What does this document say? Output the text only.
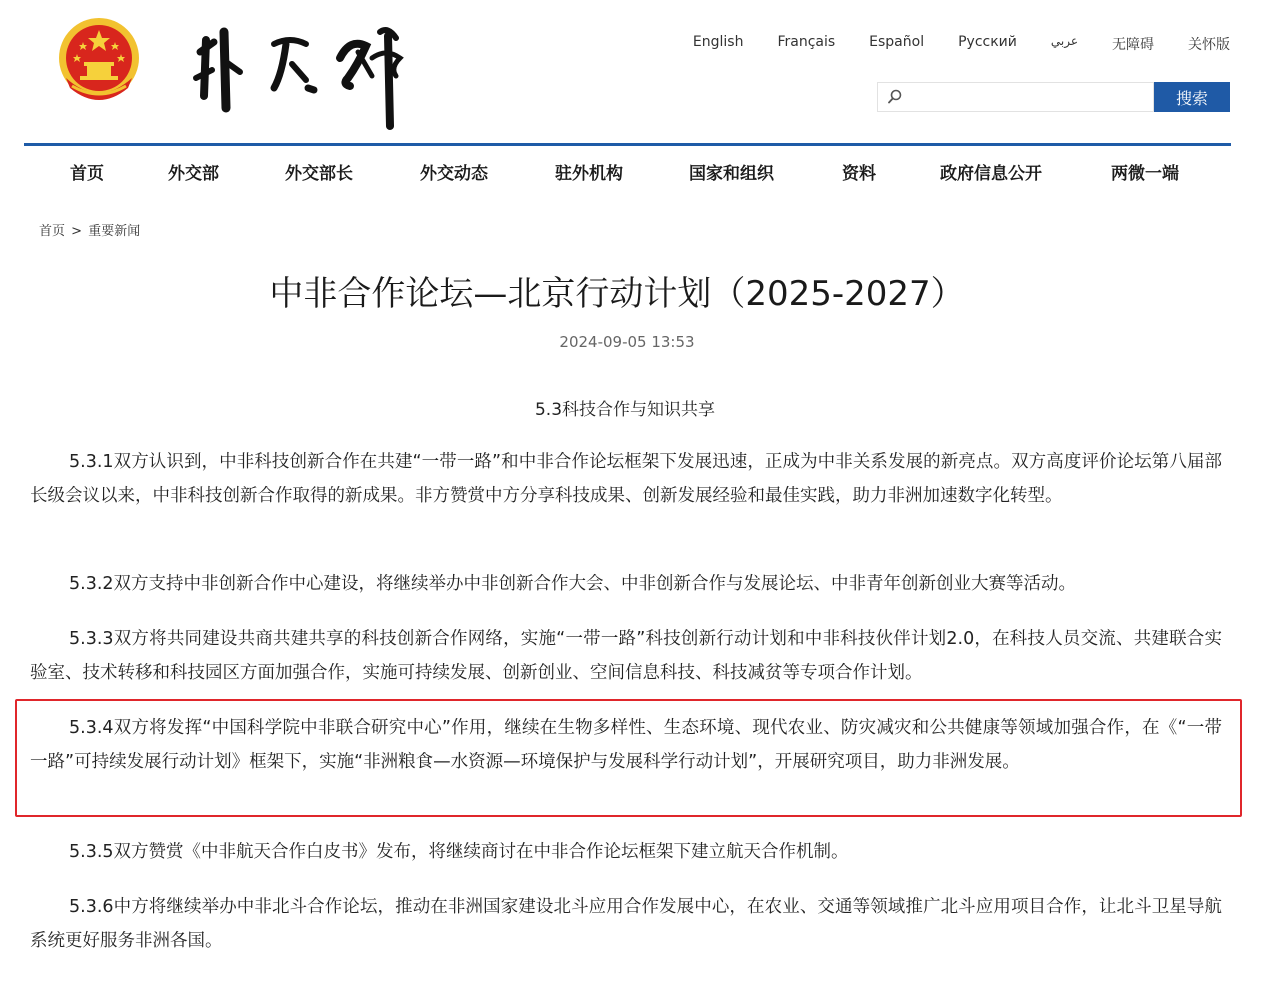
English Français Español Русский	عربي 无障碍 关怀版
搜索
首页	外交部	外交部长	外交动态	驻外机构	国家和组织	资料	政府信息公开	两微一端
首页 > 重要新闻
中非合作论坛—北京行动计划（2025-2027）
2024-09-05 13:53
5.3科技合作与知识共享

5.3.1双方认识到，中非科技创新合作在共建“一带一路”和中非合作论坛框架下发展迅速，正成为中非关系发展的新亮点。双方高度评价论坛第八届部长级会议以来，中非科技创新合作取得的新成果。非方赞赏中方分享科技成果、创新发展经验和最佳实践，助力非洲加速数字化转型。

5.3.2双方支持中非创新合作中心建设，将继续举办中非创新合作大会、中非创新合作与发展论坛、中非青年创新创业大赛等活动。

5.3.3双方将共同建设共商共建共享的科技创新合作网络，实施“一带一路”科技创新行动计划和中非科技伙伴计划2.0，在科技人员交流、共建联合实验室、技术转移和科技园区方面加强合作，实施可持续发展、创新创业、空间信息科技、科技减贫等专项合作计划。

5.3.4双方将发挥“中国科学院中非联合研究中心”作用，继续在生物多样性、生态环境、现代农业、防灾减灾和公共健康等领域加强合作，在《“一带一路”可持续发展行动计划》框架下，实施“非洲粮食—水资源—环境保护与发展科学行动计划”，开展研究项目，助力非洲发展。

5.3.5双方赞赏《中非航天合作白皮书》发布，将继续商讨在中非合作论坛框架下建立航天合作机制。

5.3.6中方将继续举办中非北斗合作论坛，推动在非洲国家建设北斗应用合作发展中心，在农业、交通等领域推广北斗应用项目合作，让北斗卫星导航系统更好服务非洲各国。
